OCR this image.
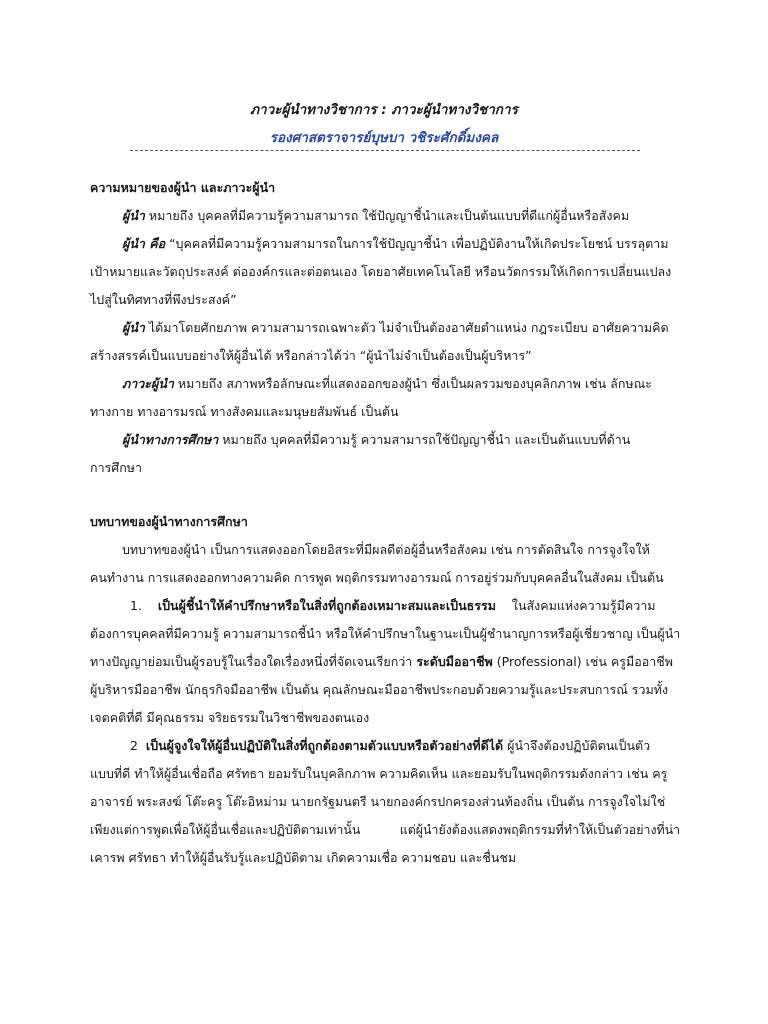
ภาวะผู้นำทางวิชาการ : ภาวะผู้นำทางวิชาการ
รองศาสตราจารย์บุษบา วชิระศักดิ์มงคล
ความหมายของผู้นำ และภาวะผู้นำ
ผู้นำ หมายถึง บุคคลที่มีความรู้ความสามารถ ใช้ปัญญาชี้นำและเป็นต้นแบบที่ดีแก่ผู้อื่นหรือสังคม
ผู้นำ คือ “บุคคลที่มีความรู้ความสามารถในการใช้ปัญญาชี้นำ เพื่อปฏิบัติงานให้เกิดประโยชน์ บรรลุตาม
เป้าหมายและวัตถุประสงค์ ต่อองค์กรและต่อตนเอง โดยอาศัยเทคโนโลยี หรือนวัตกรรมให้เกิดการเปลี่ยนแปลง
ไปสู่ในทิศทางที่พึงประสงค์”
ผู้นำ ได้มาโดยศักยภาพ ความสามารถเฉพาะตัว ไม่จำเป็นต้องอาศัยตำแหน่ง กฎระเบียบ อาศัยความคิด
สร้างสรรค์เป็นแบบอย่างให้ผู้อื่นได้ หรือกล่าวได้ว่า “ผู้นำไม่จำเป็นต้องเป็นผู้บริหาร”
ภาวะผู้นำ หมายถึง สภาพหรือลักษณะที่แสดงออกของผู้นำ ซึ่งเป็นผลรวมของบุคลิกภาพ เช่น ลักษณะ
ทางกาย ทางอารมรณ์ ทางสังคมและมนุษยสัมพันธ์ เป็นต้น
ผู้นำทางการศึกษา หมายถึง บุคคลที่มีความรู้ ความสามารถใช้ปัญญาชี้นำ และเป็นต้นแบบที่ด้าน
การศึกษา
บทบาทของผู้นำทางการศึกษา
บทบาทของผู้นำ เป็นการแสดงออกโดยอิสระที่มีผลดีต่อผู้อื่นหรือสังคม เช่น การตัดสินใจ การจูงใจให้
คนทำงาน การแสดงออกทางความคิด การพูด พฤติกรรมทางอารมณ์ การอยู่ร่วมกับบุคคลอื่นในสังคม เป็นต้น
1. เป็นผู้ชี้นำให้คำปรึกษาหรือในสิ่งที่ถูกต้องเหมาะสมและเป็นธรรม ในสังคมแห่งความรู้มีความ
ต้องการบุคคลที่มีความรู้ ความสามารถชี้นำ หรือให้คำปรึกษาในฐานะเป็นผู้ชำนาญการหรือผู้เชี่ยวชาญ เป็นผู้นำ
ทางปัญญาย่อมเป็นผู้รอบรู้ในเรื่องใดเรื่องหนึ่งที่จัดเจนเรียกว่า ระดับมืออาชีพ (Professional) เช่น ครูมืออาชีพ
ผู้บริหารมืออาชีพ นักธุรกิจมืออาชีพ เป็นต้น คุณลักษณะมืออาชีพประกอบด้วยความรู้และประสบการณ์ รวมทั้ง
เจตคติที่ดี มีคุณธรรม จริยธรรมในวิชาชีพของตนเอง
2 เป็นผู้จูงใจให้ผู้อื่นปฏิบัติในสิ่งที่ถูกต้องตามตัวแบบหรือตัวอย่างที่ดีได้ ผู้นำจึงต้องปฏิบัติตนเป็นตัว
แบบที่ดี ทำให้ผู้อื่นเชื่อถือ ศรัทธา ยอมรับในบุคลิกภาพ ความคิดเห็น และยอมรับในพฤติกรรมดังกล่าว เช่น ครู
อาจารย์ พระสงฆ์ โต๊ะครู โต๊ะอิหม่าม นายกรัฐมนตรี นายกองค์กรปกครองส่วนท้องถิ่น เป็นต้น การจูงใจไม่ใช่
เพียงแต่การพูดเพื่อให้ผู้อื่นเชื่อและปฏิบัติตามเท่านั้น	แต่ผู้นำยังต้องแสดงพฤติกรรมที่ทำให้เป็นตัวอย่างที่น่า
เคารพ ศรัทธา ทำให้ผู้อื่นรับรู้และปฏิบัติตาม เกิดความเชื่อ ความชอบ และชื่นชม
